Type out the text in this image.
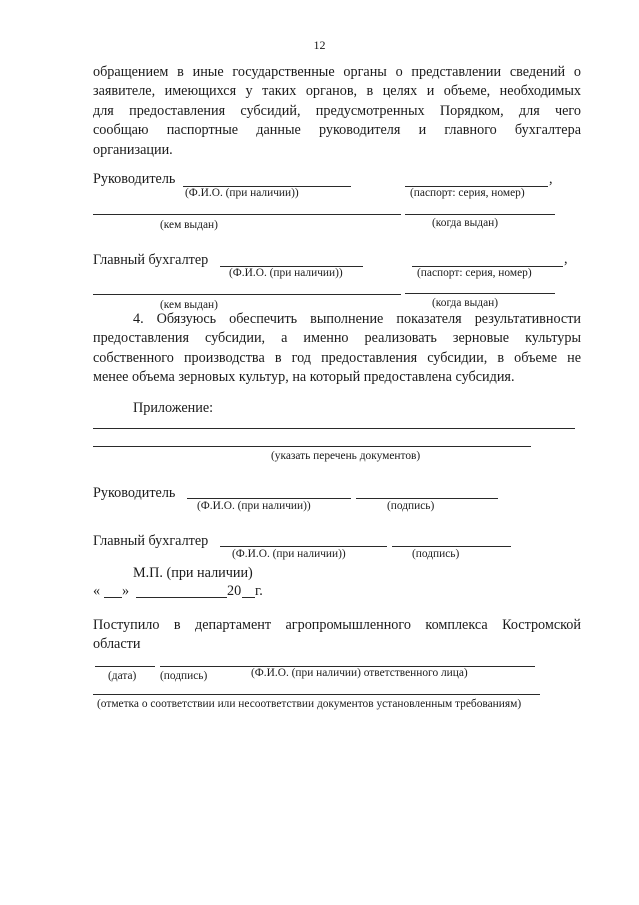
12
обращением в иные государственные органы о представлении сведений о
заявителе, имеющихся у таких органов, в целях и объеме, необходимых
для предоставления субсидий, предусмотренных Порядком, для чего
сообщаю паспортные данные руководителя и главного бухгалтера
организации.
Руководитель	,
(Ф.И.О. (при наличии))	(паспорт: серия, номер)
(кем выдан)	(когда выдан)
Главный бухгалтер	,
(Ф.И.О. (при наличии))	(паспорт: серия, номер)
(кем выдан)	(когда выдан)
4. Обязуюсь обеспечить выполнение показателя результативности
предоставления субсидии, а именно реализовать зерновые культуры
собственного производства в год предоставления субсидии, в объеме не
менее объема зерновых культур, на который предоставлена субсидия.
Приложение:
(указать перечень документов)
Руководитель
(Ф.И.О. (при наличии))	(подпись)
Главный бухгалтер
(Ф.И.О. (при наличии))	(подпись)
М.П. (при наличии)
« »	20 г.
Поступило в департамент агропромышленного комплекса Костромской
области
(дата) (подпись)	(Ф.И.О. (при наличии) ответственного лица)
(отметка о соответствии или несоответствии документов установленным требованиям)
